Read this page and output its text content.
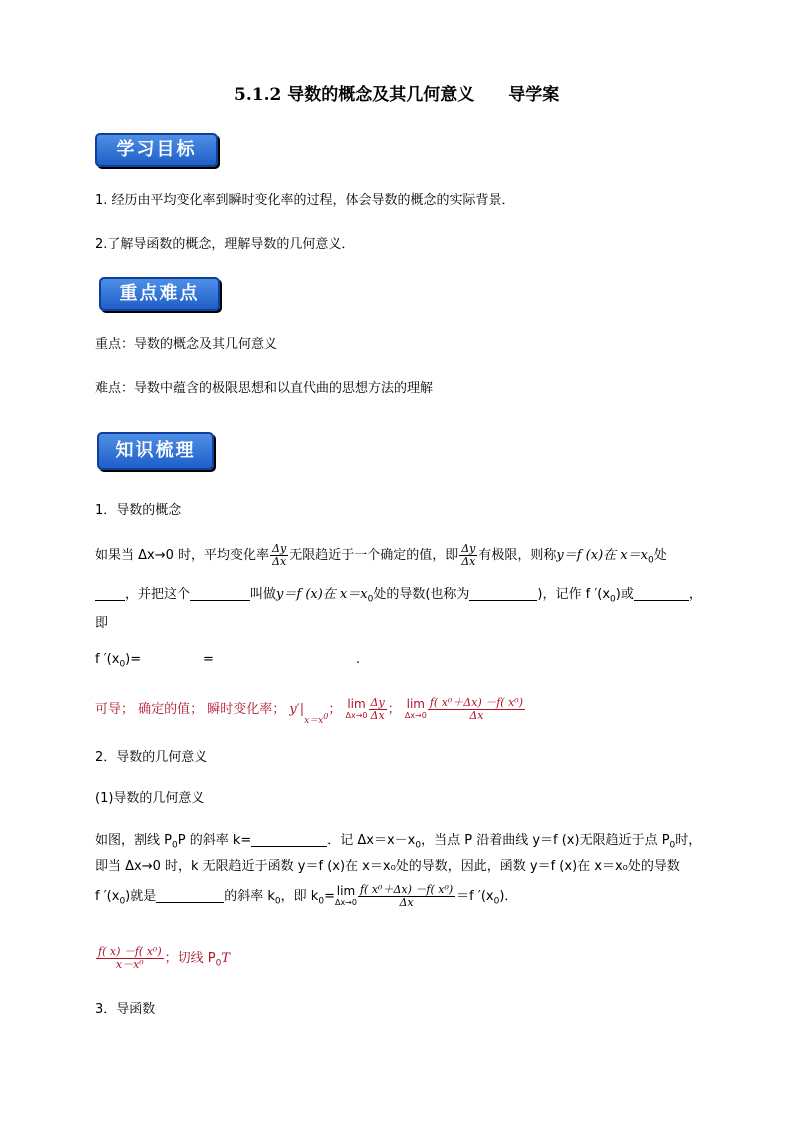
5.1.2 导数的概念及其几何意义　　导学案
学习目标
1. 经历由平均变化率到瞬时变化率的过程，体会导数的概念的实际背景．
2.了解导函数的概念，理解导数的几何意义．
重点难点
重点：导数的概念及其几何意义
难点：导数中蕴含的极限思想和以直代曲的思想方法的理解
知识梳理
1．导数的概念
如果当 Δx→0 时，平均变化率 $\frac{\Delta y}{\Delta x}$ 无限趋近于一个确定的值，即 $\frac{\Delta y}{\Delta x}$ 有极限，则称y＝f (x)在 $x=x_0$处
，并把这个	叫做y＝f (x)在 $x=x_0$处的导数(也称为	)，记作 f $'(x_0)$或	，
即
f $'(x_0)=$	=	.
可导； 确定的值； 瞬时变化率； $y'|_{x=x^0}$； lim
$\Delta x\to 0 \frac{\Delta y}{\Delta x}$ ； lim
$\Delta x\to 0 \frac{\text{f( x⁰＋Δx) －f( x⁰)}}{\Delta x}$
2．导数的几何意义
(1)导数的几何意义
如图，割线 $P_0P$ 的斜率 k=	．记 $\Delta x=x-x_0$，当点 P 沿着曲线 y＝f (x)无限趋近于点 $P_0$时，
即当 Δx→0 时，k 无限趋近于函数 y＝f (x)在 x＝x₀处的导数，因此，函数 y＝f (x)在 x＝x₀处的导数
f $'(x_0)$就是	的斜率 $k_0$，即 $k_0= \lim$
$\Delta x\to 0 \frac{\text{f( x⁰＋Δx) －f( x⁰)}}{\Delta x} =f$ $'(x_0)$．
$\frac{\text{f( x) －f( x⁰)}}{\text{x－x⁰}}$ ；切线 $P_0T$
3．导函数
